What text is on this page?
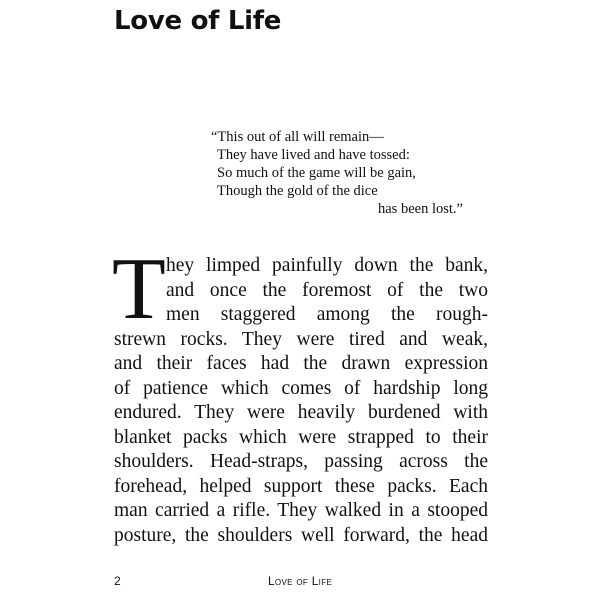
Love of Life
“This out of all will remain—
They have lived and have tossed:
So much of the game will be gain,
Though the gold of the dice
has been lost.”
T hey limped painfully down the bank,
and once the foremost of the two
men staggered among the rough-
strewn rocks. They were tired and weak,
and their faces had the drawn expression
of patience which comes of hardship long
endured. They were heavily burdened with
blanket packs which were strapped to their
shoulders. Head-straps, passing across the
forehead, helped support these packs. Each
man carried a rifle. They walked in a stooped
posture, the shoulders well forward, the head
2	Love of Life
